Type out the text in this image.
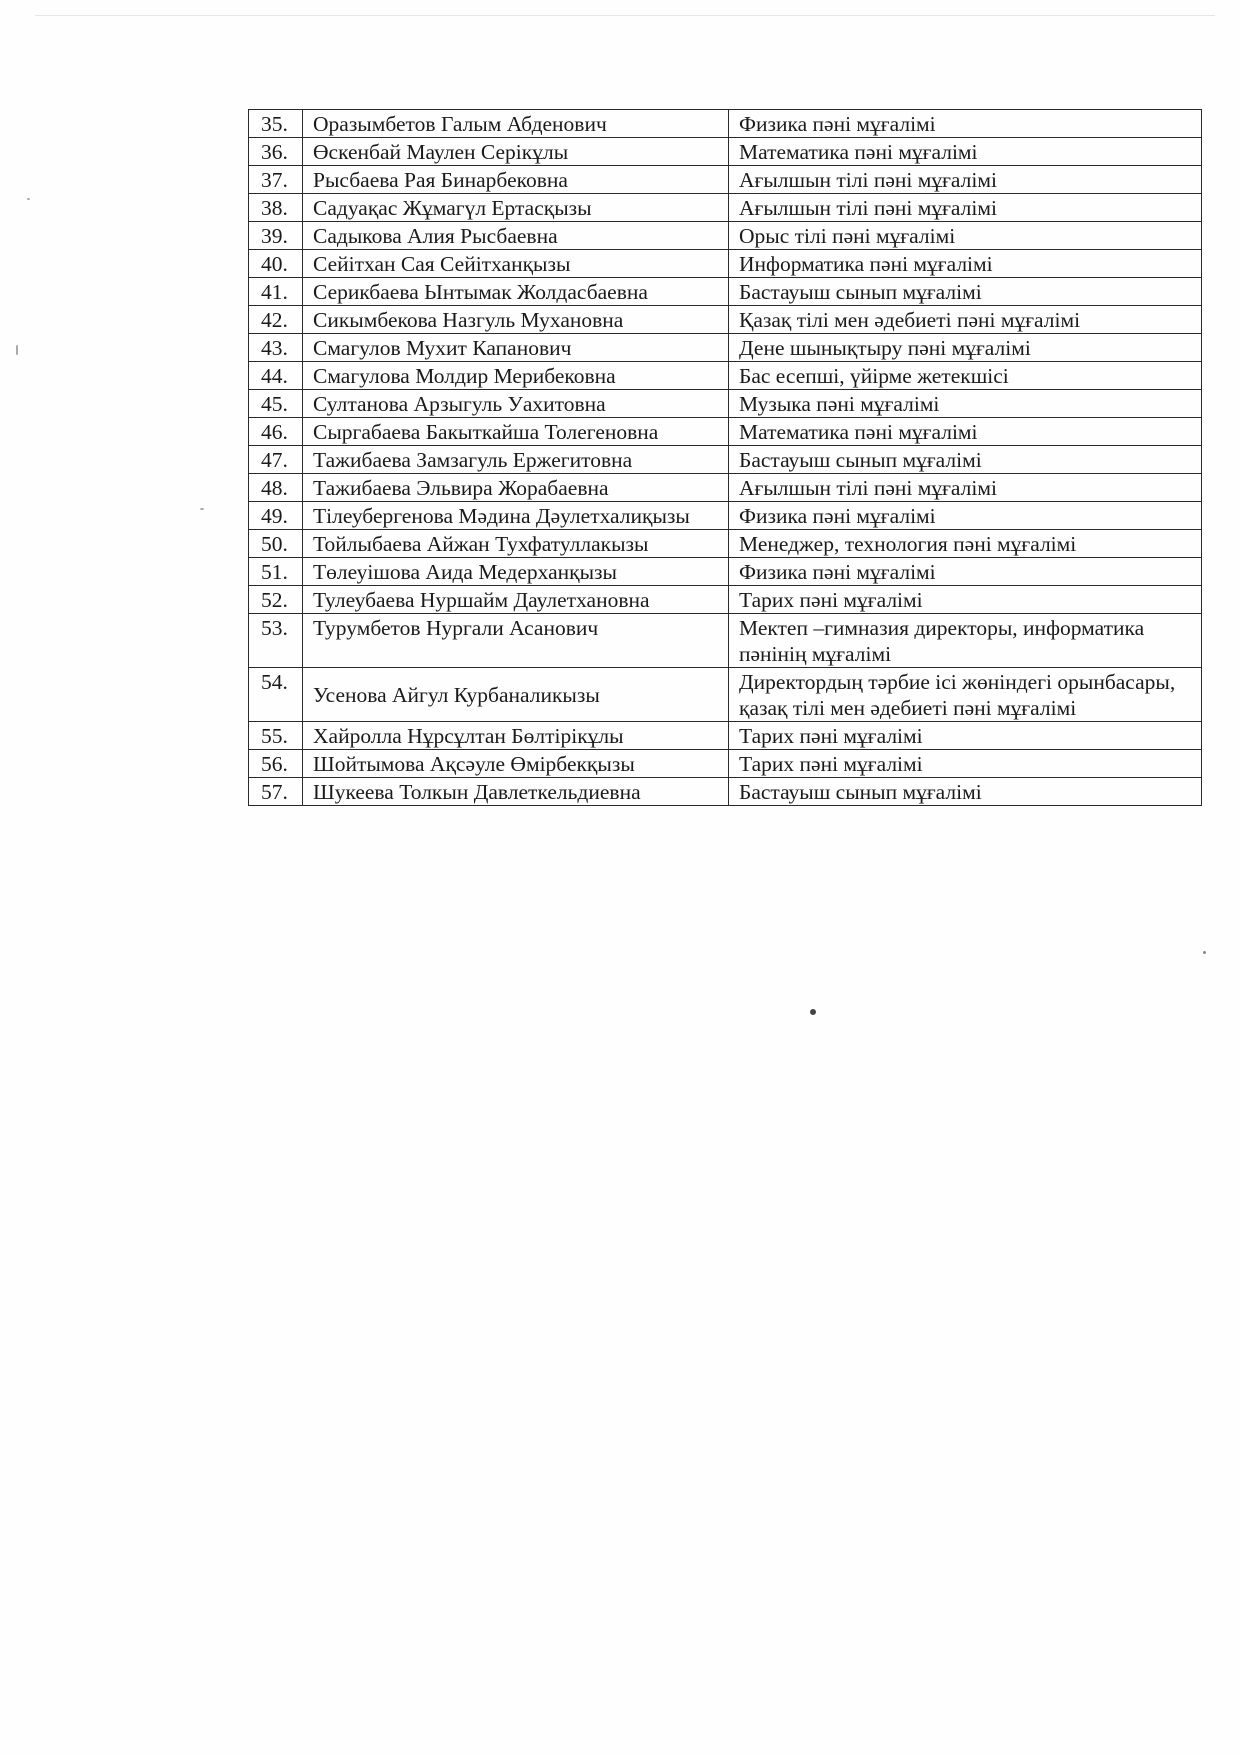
35.	Оразымбетов Галым Абденович	Физика пәні мұғалімі
36.	Өскенбай Маулен Серікұлы	Математика пәні мұғалімі
37.	Рысбаева Рая Бинарбековна	Ағылшын тілі пәні мұғалімі
38.	Садуақас Жұмагүл Ертасқызы	Ағылшын тілі пәні мұғалімі
39.	Садыкова Алия Рысбаевна	Орыс тілі пәні мұғалімі
40.	Сейітхан Сая Сейітханқызы	Информатика пәні мұғалімі
41.	Серикбаева Ынтымак Жолдасбаевна	Бастауыш сынып мұғалімі
42.	Сикымбекова Назгуль Мухановна	Қазақ тілі мен әдебиеті пәні мұғалімі
43.	Смагулов Мухит Капанович	Дене шынықтыру пәні мұғалімі
44.	Смагулова Молдир Мерибековна	Бас есепші, үйірме жетекшісі
45.	Султанова Арзыгуль Уахитовна	Музыка пәні мұғалімі
46.	Сыргабаева Бакыткайша Толегеновна	Математика пәні мұғалімі
47.	Тажибаева Замзагуль Ержегитовна	Бастауыш сынып мұғалімі
48.	Тажибаева Эльвира Жорабаевна	Ағылшын тілі пәні мұғалімі
49.	Тілеубергенова Мәдина Дәулетхалиқызы	Физика пәні мұғалімі
50.	Тойлыбаева Айжан Тухфатуллакызы	Менеджер, технология пәні мұғалімі
51.	Төлеуішова Аида Медерханқызы	Физика пәні мұғалімі
52.	Тулеубаева Нуршайм Даулетхановна	Тарих пәні мұғалімі
53.	Турумбетов Нургали Асанович	Мектеп –гимназия директоры, информатика пәнінің мұғалімі
54.	Усенова Айгул Курбаналикызы	Директордың тәрбие ісі жөніндегі орынбасары, қазақ тілі мен әдебиеті пәні мұғалімі
55.	Хайролла Нұрсұлтан Бөлтірікұлы	Тарих пәні мұғалімі
56.	Шойтымова Ақсәуле Өмірбекқызы	Тарих пәні мұғалімі
57.	Шукеева Толкын Давлеткельдиевна	Бастауыш сынып мұғалімі
